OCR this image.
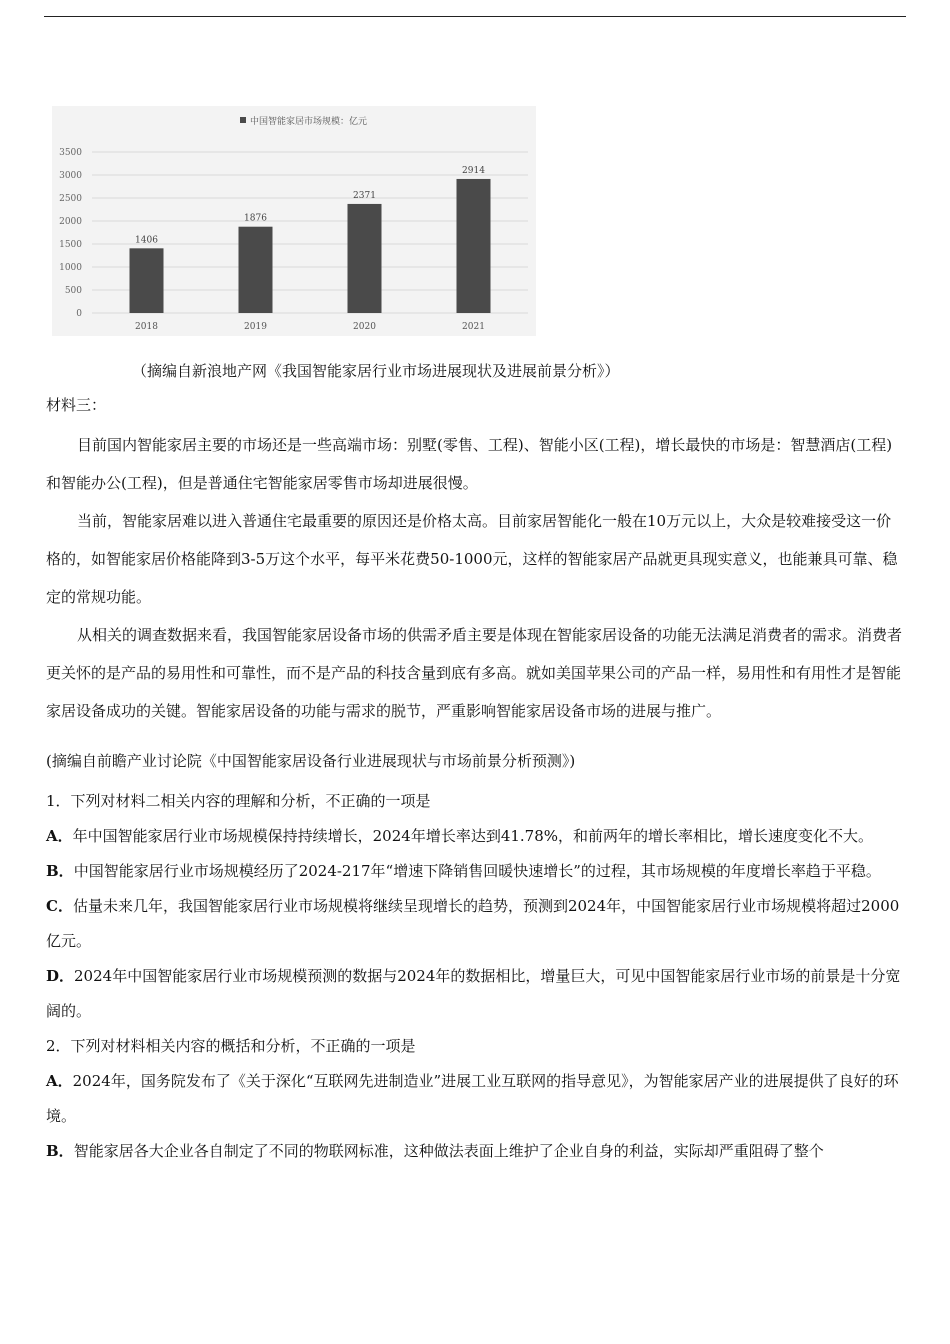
中国智能家居市场规模：亿元
3500
3000
2500
2000
1500
1000
500
0
1406
2018
1876
2019
2371
2020
2914
2021
（摘编自新浪地产网《我国智能家居行业市场进展现状及进展前景分析》）
材料三：

目前国内智能家居主要的市场还是一些高端市场：别墅(零售、工程)、智能小区(工程)，增长最快的市场是：智慧酒店(工程)和智能办公(工程)，但是普通住宅智能家居零售市场却进展很慢。

当前，智能家居难以进入普通住宅最重要的原因还是价格太高。目前家居智能化一般在10万元以上，大众是较难接受这一价格的，如智能家居价格能降到3-5万这个水平，每平米花费50-1000元，这样的智能家居产品就更具现实意义，也能兼具可靠、稳定的常规功能。

从相关的调查数据来看，我国智能家居设备市场的供需矛盾主要是体现在智能家居设备的功能无法满足消费者的需求。消费者更关怀的是产品的易用性和可靠性，而不是产品的科技含量到底有多高。就如美国苹果公司的产品一样，易用性和有用性才是智能家居设备成功的关键。智能家居设备的功能与需求的脱节，严重影响智能家居设备市场的进展与推广。

(摘编自前瞻产业讨论院《中国智能家居设备行业进展现状与市场前景分析预测》)

1．下列对材料二相关内容的理解和分析，不正确的一项是

A．年中国智能家居行业市场规模保持持续增长，2024年增长率达到41.78%，和前两年的增长率相比，增长速度变化不大。

B．中国智能家居行业市场规模经历了2024-217年“增速下降销售回暖快速增长”的过程，其市场规模的年度增长率趋于平稳。

C．估量未来几年，我国智能家居行业市场规模将继续呈现增长的趋势，预测到2024年，中国智能家居行业市场规模将超过2000亿元。

D．2024年中国智能家居行业市场规模预测的数据与2024年的数据相比，增量巨大，可见中国智能家居行业市场的前景是十分宽阔的。

2．下列对材料相关内容的概括和分析，不正确的一项是

A．2024年，国务院发布了《关于深化“互联网先进制造业”进展工业互联网的指导意见》，为智能家居产业的进展提供了良好的环境。

B．智能家居各大企业各自制定了不同的物联网标准，这种做法表面上维护了企业自身的利益，实际却严重阻碍了整个
